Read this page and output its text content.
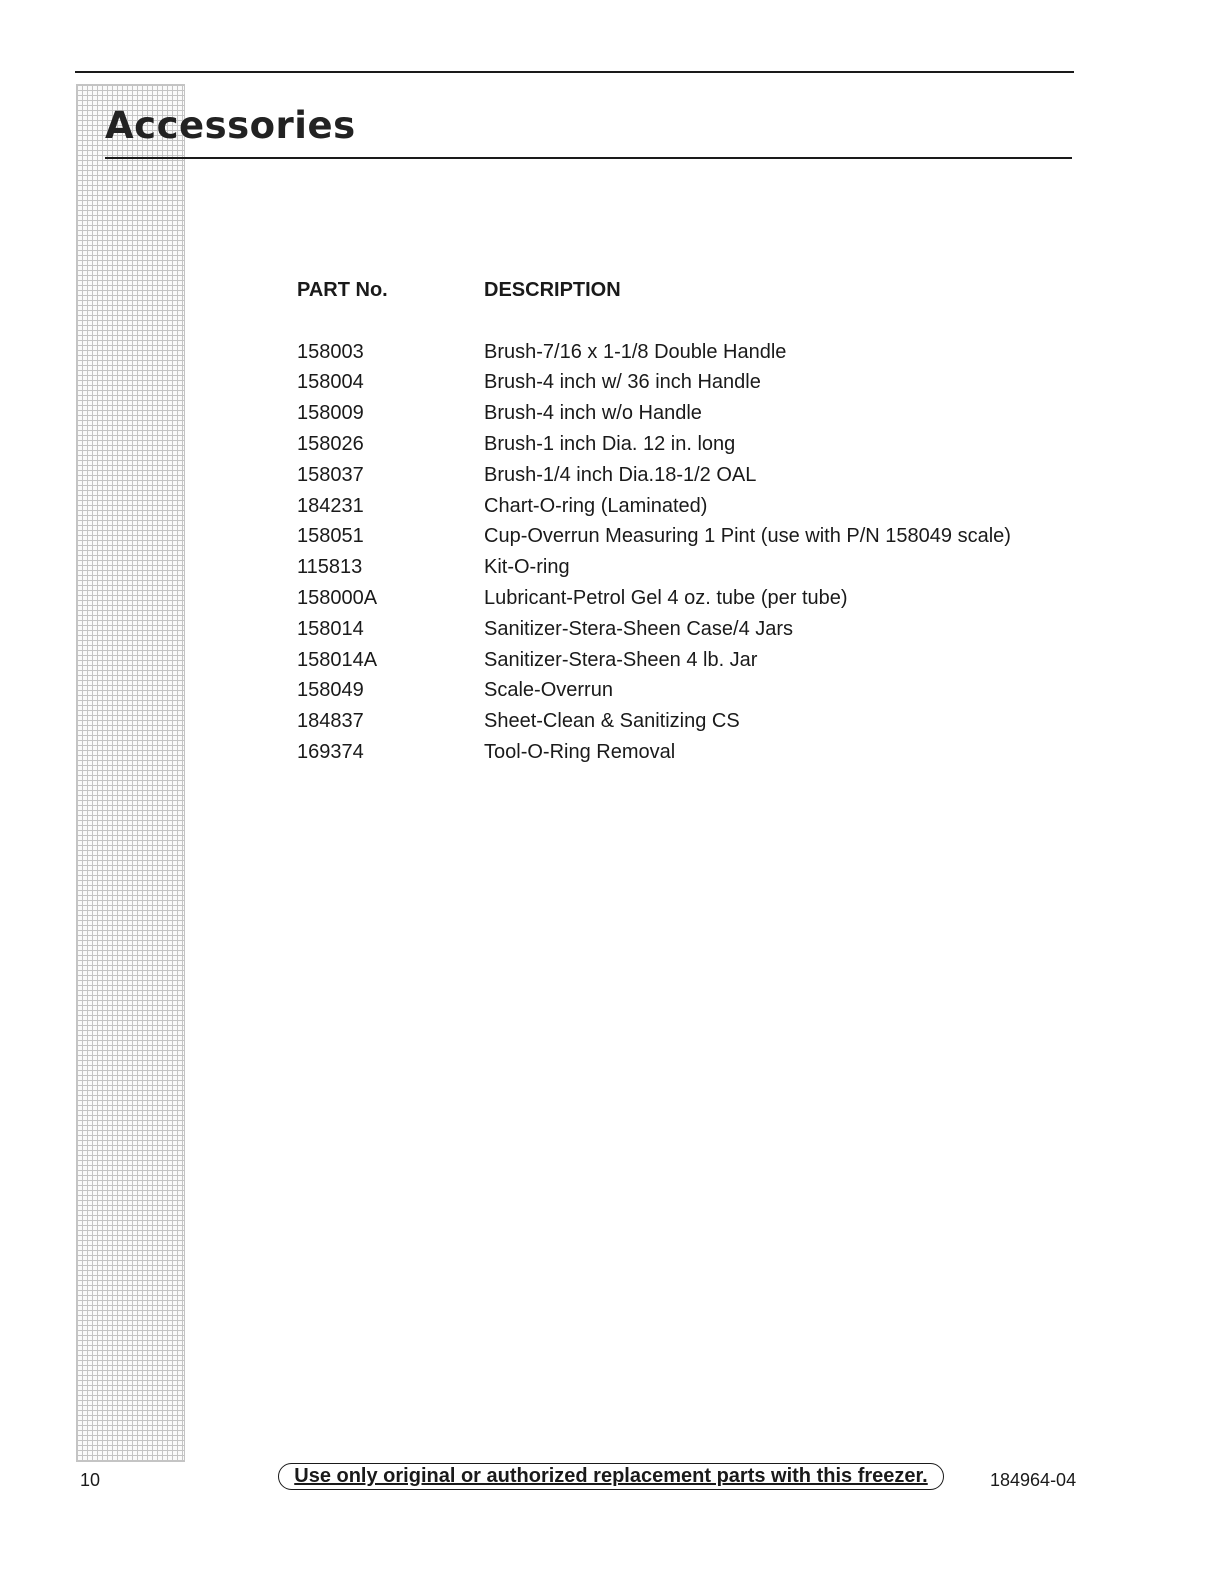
Accessories
PART No.	DESCRIPTION

158003	Brush-7/16 x 1-1/8 Double Handle
158004	Brush-4 inch w/ 36 inch Handle
158009	Brush-4 inch w/o Handle
158026	Brush-1 inch Dia. 12 in. long
158037	Brush-1/4 inch Dia.18-1/2 OAL
184231	Chart-O-ring (Laminated)
158051	Cup-Overrun Measuring 1 Pint (use with P/N 158049 scale)
115813	Kit-O-ring
158000A	Lubricant-Petrol Gel 4 oz. tube (per tube)
158014	Sanitizer-Stera-Sheen Case/4 Jars
158014A	Sanitizer-Stera-Sheen 4 lb. Jar
158049	Scale-Overrun
184837	Sheet-Clean & Sanitizing CS
169374	Tool-O-Ring Removal
10	Use only original or authorized replacement parts with this freezer.	184964-04
